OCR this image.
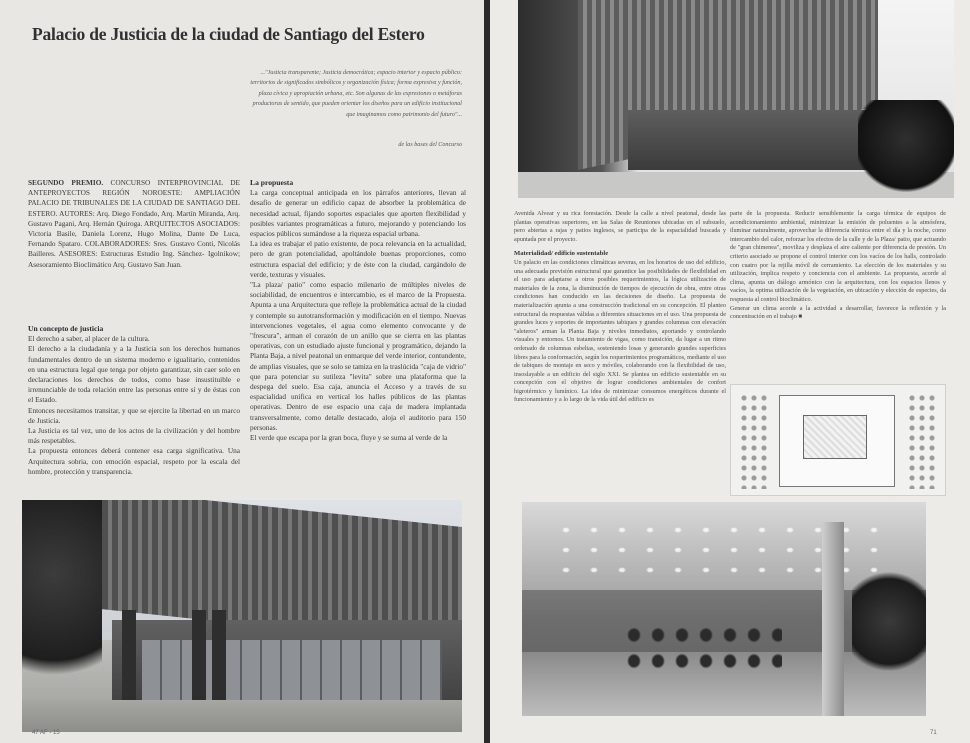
Palacio de Justicia de la ciudad de Santiago del Estero
..."Justicia transparente; Justicia democrática; espacio interior y espacio público: territorios de significados simbólicos y organización física; forma expresiva y función, plaza cívica y apropiación urbana, etc. Son algunas de las expresiones o metáforas productoras de sentido, que pueden orientar los diseños para un edificio institucional que imaginamos como patrimonio del futuro"...
de las bases del Concurso
SEGUNDO PREMIO. CONCURSO INTERPROVINCIAL DE ANTEPROYECTOS REGIÓN NOROESTE: AMPLIACIÓN PALACIO DE TRIBUNALES DE LA CIUDAD DE SANTIAGO DEL ESTERO. AUTORES: Arq. Diego Fondado, Arq. Martín Miranda, Arq. Gustavo Pagani, Arq. Hernán Quiroga. ARQUITECTOS ASOCIADOS: Victoria Basile, Daniela Lorenz, Hugo Molina, Dante De Luca, Fernando Spataro. COLABORADORES: Sres. Gustavo Conti, Nicolás Bailleres. ASESORES: Estructuras Estudio Ing. Sánchez- Igolnikow; Asesoramiento Bioclimático Arq. Gustavo San Juan.
Un concepto de justicia

El derecho a saber, al placer de la cultura.

El derecho a la ciudadanía y a la Justicia son los derechos humanos fundamentales dentro de un sistema moderno e igualitario, contenidos en una estructura legal que tenga por objeto garantizar, sin caer solo en declaraciones los derechos de todos, como base insustituible e irrenunciable de toda relación entre las personas entre sí y de éstas con el Estado.

Entonces necesitamos transitar, y que se ejercite la libertad en un marco de Justicia.

La Justicia es tal vez, uno de los actos de la civilización y del hombre más respetables.

La propuesta entonces deberá contener esa carga significativa. Una Arquitectura sobria, con emoción espacial, respeto por la escala del hombre, protección y transparencia.

La propuesta

La carga conceptual anticipada en los párrafos anteriores, llevan al desafío de generar un edificio capaz de absorber la problemática de necesidad actual, fijando soportes espaciales que aporten flexibilidad y posibles variantes programáticas a futuro, mejorando y potenciando los espacios públicos sumándose a la riqueza espacial urbana.

La idea es trabajar el patio existente, de poca relevancia en la actualidad, pero de gran potencialidad, apoltándole buenas proporciones, como estructura espacial del edificio; y de éste con la ciudad, cargándolo de verde, texturas y visuales.

"La plaza/ patio" como espacio milenario de múltiples niveles de sociabilidad, de encuentros e intercambio, es el marco de la Propuesta. Apunta a una Arquitectura que refleje la problemática actual de la ciudad y contemple su autotransformación y modificación en el tiempo. Nuevas intervenciones vegetales, el agua como elemento convocante y de "frescura", arman el corazón de un anillo que se cierra en las plantas operativas, con un estudiado ajuste funcional y programático, dejando la Planta Baja, a nivel peatonal un enmarque del verde interior, contundente, de amplias visuales, que se solo se tamiza en la traslúcida "caja de vidrio" que para potenciar su sutileza "levita" sobre una plataforma que la despega del suelo. Esa caja, anuncia el Acceso y a través de su espacialidad unifica en vertical los halles públicos de las plantas operativas. Dentro de ese espacio una caja de madera implantada transversalmente, como detalle destacado, aloja el auditorio para 150 personas.

El verde que escapa por la gran boca, fluye y se suma al verde de la

47 AF - 15

Avenida Alvear y su rica forestación. Desde la calle a nivel peatonal, desde las plantas operativas superiores, en las Salas de Reuniones ubicadas en el subsuelo, pero abiertas a rajas y patios inglesos, se participa de la espacialidad buscada y apuntada por el proyecto.

Materialidad/ edificio sustentable

Un palacio en las condiciones climáticas severas, en los horarios de uso del edificio, una adecuada previsión estructural que garantice las posibilidades de flexibilidad en el uso para adaptarse a otros posibles requerimientos, la lógica utilización de materiales de la zona, la disminución de tiempos de ejecución de obra, entre otras condiciones han conducido en las decisiones de diseño. La propuesta de materialización apunta a una construcción tradicional en su concepción. El planteo estructural da respuestas válidas a diferentes situaciones en el uso. Una propuesta de grandes luces y soportes de importantes tabiques y grandes columnas con elevación "aleteros" arman la Planta Baja y niveles inmediatos, aportando y controlando visuales y entornos. Un tratamiento de vigas, como transición, da lugar a un ritmo ordenado de columnas esbeltas, sosteniendo losas y generando grandes superficies libres para la conformación, según los requerimientos programáticos, mediante el uso de tabiques de montaje en seco y móviles, colaborando con la flexibilidad de uso, insoslayable a un edificio del siglo XXI. Se plantea un edificio sustentable en su concepción con el objetivo de lograr condiciones ambientales de confort higrotérmico y lumínico. La idea de minimizar consumos energéticos durante el funcionamiento y a lo largo de la vida útil del edificio es

parte de la propuesta. Reducir sensiblemente la carga térmica de equipos de acondicionamiento ambiental, minimizar la emisión de poluentes a la atmósfera, iluminar naturalmente, aprovechar la diferencia térmica entre el día y la noche, como intercambio del calor, reforzar los efectos de la calle y de la Plaza/ patio, que actuando de "gran chimenea", moviliza y desplaza el aire caliente por diferencia de presión. Un criterio asociado se propone el control interior con los vacíos de los halls, controlado con cuatro por la rejilla móvil de cerramiento. La elección de los materiales y su utilización, implica respeto y conciencia con el ambiente. La propuesta, acorde al clima, apunta un diálogo armónico con la arquitectura, con los espacios llenos y vacíos, la optima utilización de la vegetación, en ubicación y elección de especies, da respuesta al control bioclimático.

Generar un clima acorde a la actividad a desarrollar, favorece la reflexión y la concentración en el trabajo ■

71
